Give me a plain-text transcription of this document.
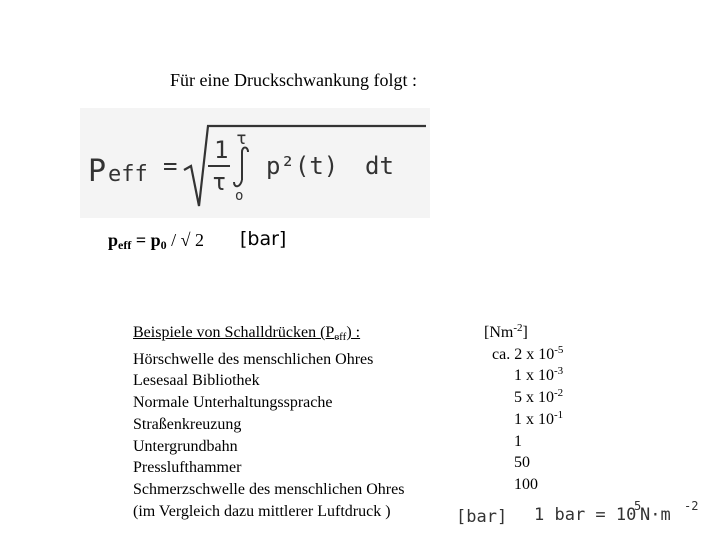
Für eine Druckschwankung folgt :
P eff =
1
τ
τ
o
p²(t) dt
$p_{eff} = p_0$ / √ 2 [bar]
Beispiele von Schalldrücken $(P_{eff})$ :
Hörschwelle des menschlichen Ohres
Lesesaal Bibliothek
Normale Unterhaltungssprache
Straßenkreuzung
Untergrundbahn
Presslufthammer
Schmerzschwelle des menschlichen Ohres
(im Vergleich dazu mittlerer Luftdruck )
$[Nm^{-2}]$
ca. 2 x $10^{-5}$
1 x $10^{-3}$
5 x $10^{-2}$
1 x $10^{-1}$
1
50
100
[bar] 1 bar = 10
5
N·m -2
